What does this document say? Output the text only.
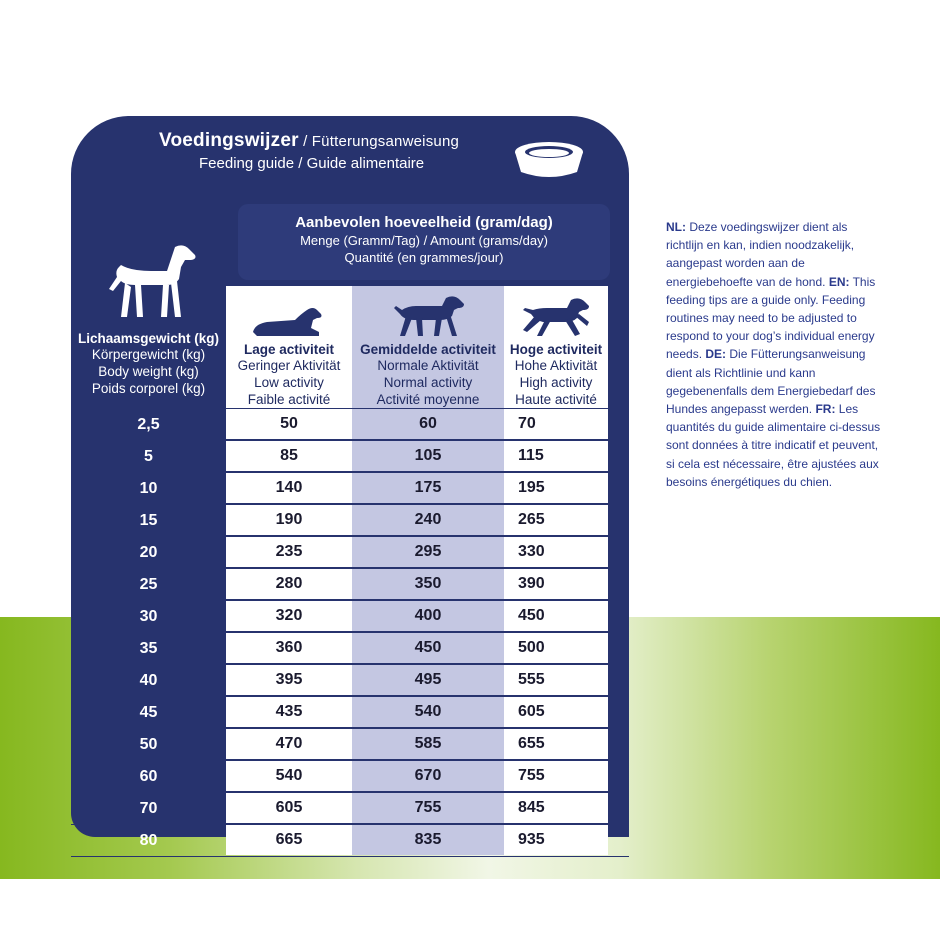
Voedingswijzer / Fütterungsanweisung
Feeding guide / Guide alimentaire
Aanbevolen hoeveelheid (gram/dag)
Menge (Gramm/Tag) / Amount (grams/day)
Quantité (en grammes/jour)
Lichaamsgewicht (kg)
Körpergewicht (kg)
Body weight (kg)
Poids corporel (kg)
Lage activiteit
Geringer Aktivität
Low activity
Faible activité
Gemiddelde activiteit
Normale Aktivität
Normal activity
Activité moyenne
Hoge activiteit
Hohe Aktivität
High activity
Haute activité
2,5	50	60	70
5	85	105	115
10	140	175	195
15	190	240	265
20	235	295	330
25	280	350	390
30	320	400	450
35	360	450	500
40	395	495	555
45	435	540	605
50	470	585	655
60	540	670	755
70	605	755	845
80	665	835	935
NL: Deze voedingswijzer dient als richtlijn en kan, indien noodzakelijk, aangepast worden aan de energiebehoefte van de hond. EN: This feeding tips are a guide only. Feeding routines may need to be adjusted to respond to your dog’s individual energy needs. DE: Die Fütterungsanweisung dient als Richtlinie und kann gegebenenfalls dem Energiebedarf des Hundes angepasst werden. FR: Les quantités du guide alimentaire ci-dessus sont données à titre indicatif et peuvent, si cela est nécessaire, être ajustées aux besoins énergétiques du chien.
